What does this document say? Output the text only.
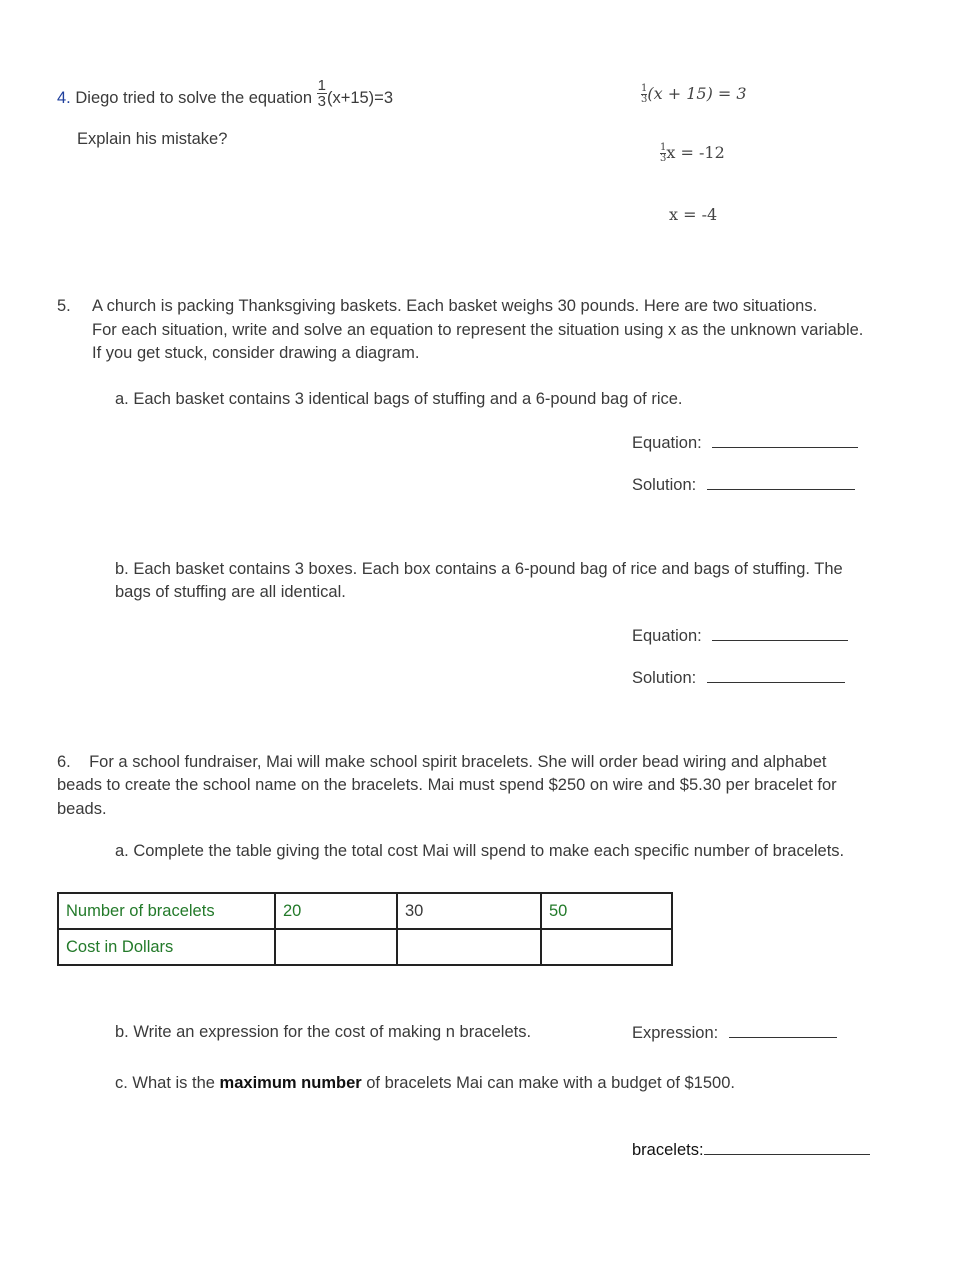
4. Diego tried to solve the equation $\frac{1}{3} (x+15)=3$
Explain his mistake?
$\frac{1}{3} (x + 15) = 3$
$\frac{1}{3}$ x = -12
x = -4
5. A church is packing Thanksgiving baskets. Each basket weighs 30 pounds. Here are two situations.
For each situation, write and solve an equation to represent the situation using x as the unknown variable.
If you get stuck, consider drawing a diagram.
a. Each basket contains 3 identical bags of stuffing and a 6-pound bag of rice.
Equation:
Solution:
b. Each basket contains 3 boxes. Each box contains a 6-pound bag of rice and bags of stuffing. The
bags of stuffing are all identical.
Equation:
Solution:
6.    For a school fundraiser, Mai will make school spirit bracelets. She will order bead wiring and alphabet
beads to create the school name on the bracelets. Mai must spend $250 on wire and $5.30 per bracelet for
beads.
a. Complete the table giving the total cost Mai will spend to make each specific number of bracelets.
Number of bracelets	20	30	50
Cost in Dollars			
b. Write an expression for the cost of making n bracelets.	Expression:
c. What is the maximum number of bracelets Mai can make with a budget of $1500.
bracelets:
